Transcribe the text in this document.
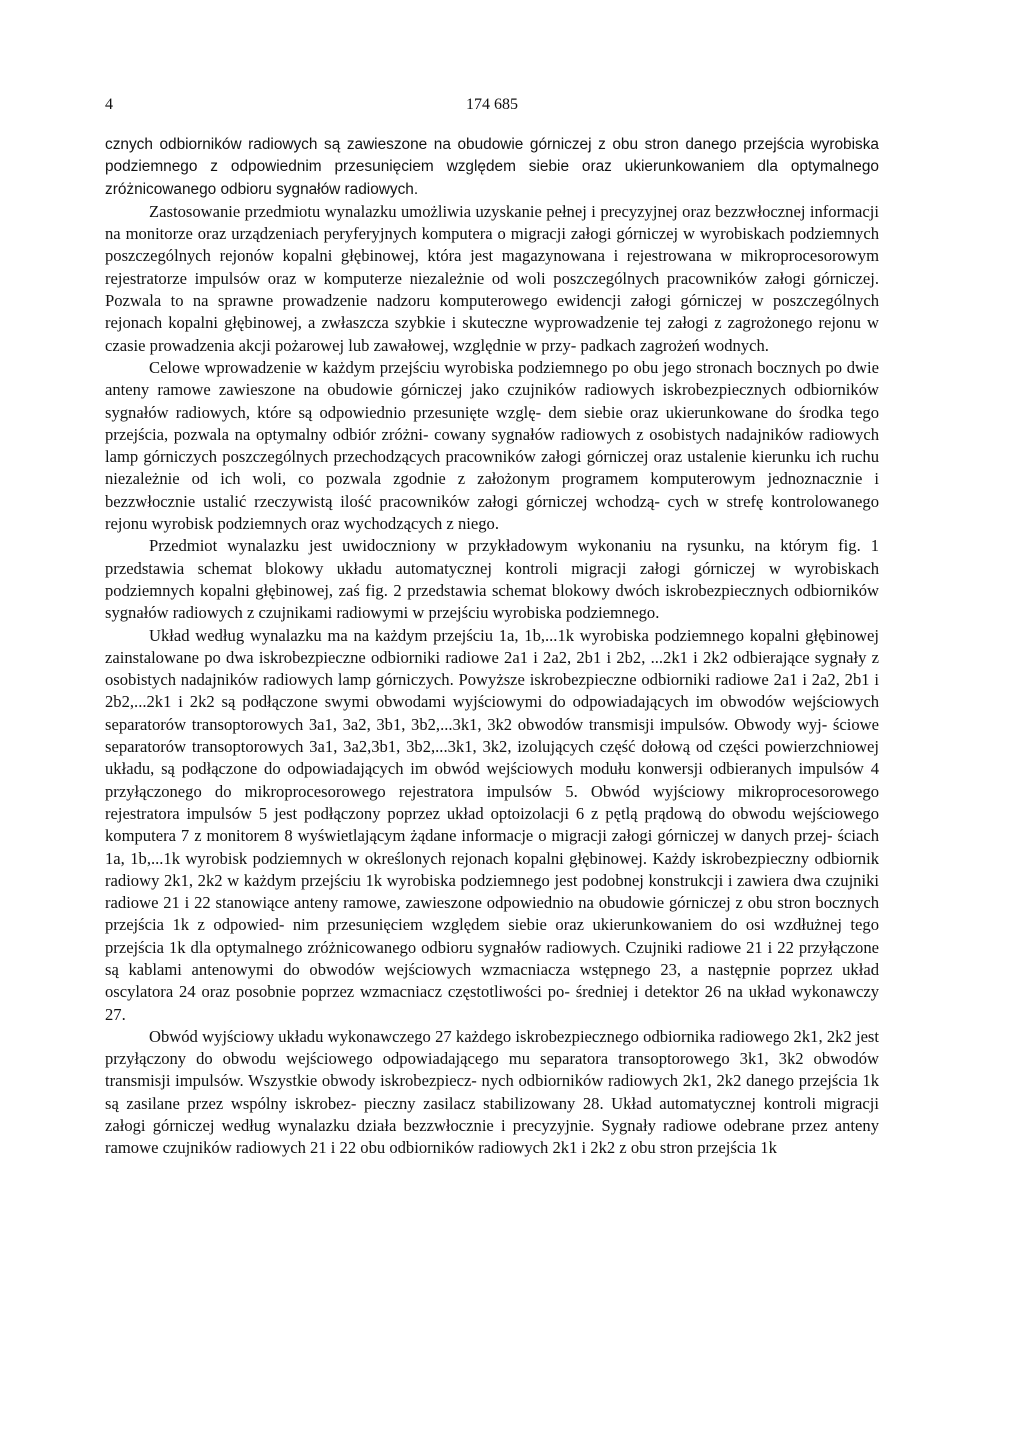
4	174 685

cznych odbiorników radiowych są zawieszone na obudowie górniczej z obu stron danego przejścia wyrobiska podziemnego z odpowiednim przesunięciem względem siebie oraz ukierunkowaniem dla optymalnego zróżnicowanego odbioru sygnałów radiowych.

Zastosowanie przedmiotu wynalazku umożliwia uzyskanie pełnej i precyzyjnej oraz bezzwłocznej informacji na monitorze oraz urządzeniach peryferyjnych komputera o migracji załogi górniczej w wyrobiskach podziemnych poszczególnych rejonów kopalni głębinowej, która jest magazynowana i rejestrowana w mikroprocesorowym rejestratorze impulsów oraz w komputerze niezależnie od woli poszczególnych pracowników załogi górniczej. Pozwala to na sprawne prowadzenie nadzoru komputerowego ewidencji załogi górniczej w poszczególnych rejonach kopalni głębinowej, a zwłaszcza szybkie i skuteczne wyprowadzenie tej załogi z zagrożonego rejonu w czasie prowadzenia akcji pożarowej lub zawałowej, względnie w przy- padkach zagrożeń wodnych.

Celowe wprowadzenie w każdym przejściu wyrobiska podziemnego po obu jego stronach bocznych po dwie anteny ramowe zawieszone na obudowie górniczej jako czujników radiowych iskrobezpiecznych odbiorników sygnałów radiowych, które są odpowiednio przesunięte wzglę- dem siebie oraz ukierunkowane do środka tego przejścia, pozwala na optymalny odbiór zróżni- cowany sygnałów radiowych z osobistych nadajników radiowych lamp górniczych poszczególnych przechodzących pracowników załogi górniczej oraz ustalenie kierunku ich ruchu niezależnie od ich woli, co pozwala zgodnie z założonym programem komputerowym jednoznacznie i bezzwłocznie ustalić rzeczywistą ilość pracowników załogi górniczej wchodzą- cych w strefę kontrolowanego rejonu wyrobisk podziemnych oraz wychodzących z niego.

Przedmiot wynalazku jest uwidoczniony w przykładowym wykonaniu na rysunku, na którym fig. 1 przedstawia schemat blokowy układu automatycznej kontroli migracji załogi górniczej w wyrobiskach podziemnych kopalni głębinowej, zaś fig. 2 przedstawia schemat blokowy dwóch iskrobezpiecznych odbiorników sygnałów radiowych z czujnikami radiowymi w przejściu wyrobiska podziemnego.

Układ według wynalazku ma na każdym przejściu 1a, 1b,...1k wyrobiska podziemnego kopalni głębinowej zainstalowane po dwa iskrobezpieczne odbiorniki radiowe 2a1 i 2a2, 2b1 i 2b2, ...2k1 i 2k2 odbierające sygnały z osobistych nadajników radiowych lamp górniczych. Powyższe iskrobezpieczne odbiorniki radiowe 2a1 i 2a2, 2b1 i 2b2,...2k1 i 2k2 są podłączone swymi obwodami wyjściowymi do odpowiadających im obwodów wejściowych separatorów transoptorowych 3a1, 3a2, 3b1, 3b2,...3k1, 3k2 obwodów transmisji impulsów. Obwody wyj- ściowe separatorów transoptorowych 3a1, 3a2,3b1, 3b2,...3k1, 3k2, izolujących część dołową od części powierzchniowej układu, są podłączone do odpowiadających im obwód wejściowych modułu konwersji odbieranych impulsów 4 przyłączonego do mikroprocesorowego rejestratora impulsów 5. Obwód wyjściowy mikroprocesorowego rejestratora impulsów 5 jest podłączony poprzez układ optoizolacji 6 z pętlą prądową do obwodu wejściowego komputera 7 z monitorem 8 wyświetlającym żądane informacje o migracji załogi górniczej w danych przej- ściach 1a, 1b,...1k wyrobisk podziemnych w określonych rejonach kopalni głębinowej. Każdy iskrobezpieczny odbiornik radiowy 2k1, 2k2 w każdym przejściu 1k wyrobiska podziemnego jest podobnej konstrukcji i zawiera dwa czujniki radiowe 21 i 22 stanowiące anteny ramowe, zawieszone odpowiednio na obudowie górniczej z obu stron bocznych przejścia 1k z odpowied- nim przesunięciem względem siebie oraz ukierunkowaniem do osi wzdłużnej tego przejścia 1k dla optymalnego zróżnicowanego odbioru sygnałów radiowych. Czujniki radiowe 21 i 22 przyłączone są kablami antenowymi do obwodów wejściowych wzmacniacza wstępnego 23, a następnie poprzez układ oscylatora 24 oraz posobnie poprzez wzmacniacz częstotliwości po- średniej i detektor 26 na układ wykonawczy 27.

Obwód wyjściowy układu wykonawczego 27 każdego iskrobezpiecznego odbiornika radiowego 2k1, 2k2 jest przyłączony do obwodu wejściowego odpowiadającego mu separatora transoptorowego 3k1, 3k2 obwodów transmisji impulsów. Wszystkie obwody iskrobezpiecz- nych odbiorników radiowych 2k1, 2k2 danego przejścia 1k są zasilane przez wspólny iskrobez- pieczny zasilacz stabilizowany 28. Układ automatycznej kontroli migracji załogi górniczej według wynalazku działa bezzwłocznie i precyzyjnie. Sygnały radiowe odebrane przez anteny ramowe czujników radiowych 21 i 22 obu odbiorników radiowych 2k1 i 2k2 z obu stron przejścia 1k
